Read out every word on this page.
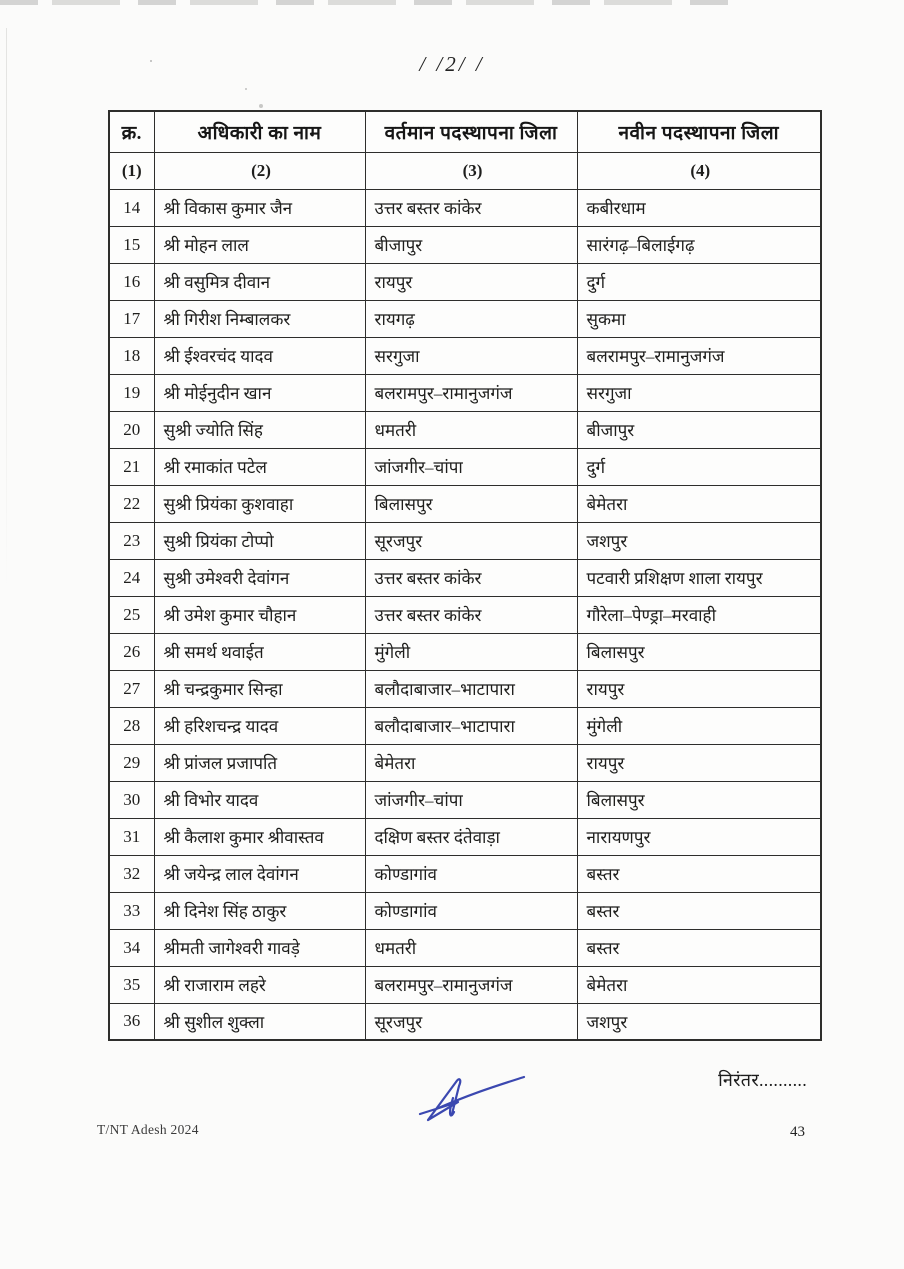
/ /2/ /
क्र.	अधिकारी का नाम	वर्तमान पदस्थापना जिला	नवीन पदस्थापना जिला
(1)	(2)	(3)	(4)
14	श्री विकास कुमार जैन	उत्तर बस्तर कांकेर	कबीरधाम
15	श्री मोहन लाल	बीजापुर	सारंगढ़–बिलाईगढ़
16	श्री वसुमित्र दीवान	रायपुर	दुर्ग
17	श्री गिरीश निम्बालकर	रायगढ़	सुकमा
18	श्री ईश्वरचंद यादव	सरगुजा	बलरामपुर–रामानुजगंज
19	श्री मोईनुदीन खान	बलरामपुर–रामानुजगंज	सरगुजा
20	सुश्री ज्योति सिंह	धमतरी	बीजापुर
21	श्री रमाकांत पटेल	जांजगीर–चांपा	दुर्ग
22	सुश्री प्रियंका कुशवाहा	बिलासपुर	बेमेतरा
23	सुश्री प्रियंका टोप्पो	सूरजपुर	जशपुर
24	सुश्री उमेश्वरी देवांगन	उत्तर बस्तर कांकेर	पटवारी प्रशिक्षण शाला रायपुर
25	श्री उमेश कुमार चौहान	उत्तर बस्तर कांकेर	गौरेला–पेण्ड्रा–मरवाही
26	श्री समर्थ थवाईत	मुंगेली	बिलासपुर
27	श्री चन्द्रकुमार सिन्हा	बलौदाबाजार–भाटापारा	रायपुर
28	श्री हरिशचन्द्र यादव	बलौदाबाजार–भाटापारा	मुंगेली
29	श्री प्रांजल प्रजापति	बेमेतरा	रायपुर
30	श्री विभोर यादव	जांजगीर–चांपा	बिलासपुर
31	श्री कैलाश कुमार श्रीवास्तव	दक्षिण बस्तर दंतेवाड़ा	नारायणपुर
32	श्री जयेन्द्र लाल देवांगन	कोण्डागांव	बस्तर
33	श्री दिनेश सिंह ठाकुर	कोण्डागांव	बस्तर
34	श्रीमती जागेश्वरी गावड़े	धमतरी	बस्तर
35	श्री राजाराम लहरे	बलरामपुर–रामानुजगंज	बेमेतरा
36	श्री सुशील शुक्ला	सूरजपुर	जशपुर
निरंतर..........
T/NT Adesh 2024	43
